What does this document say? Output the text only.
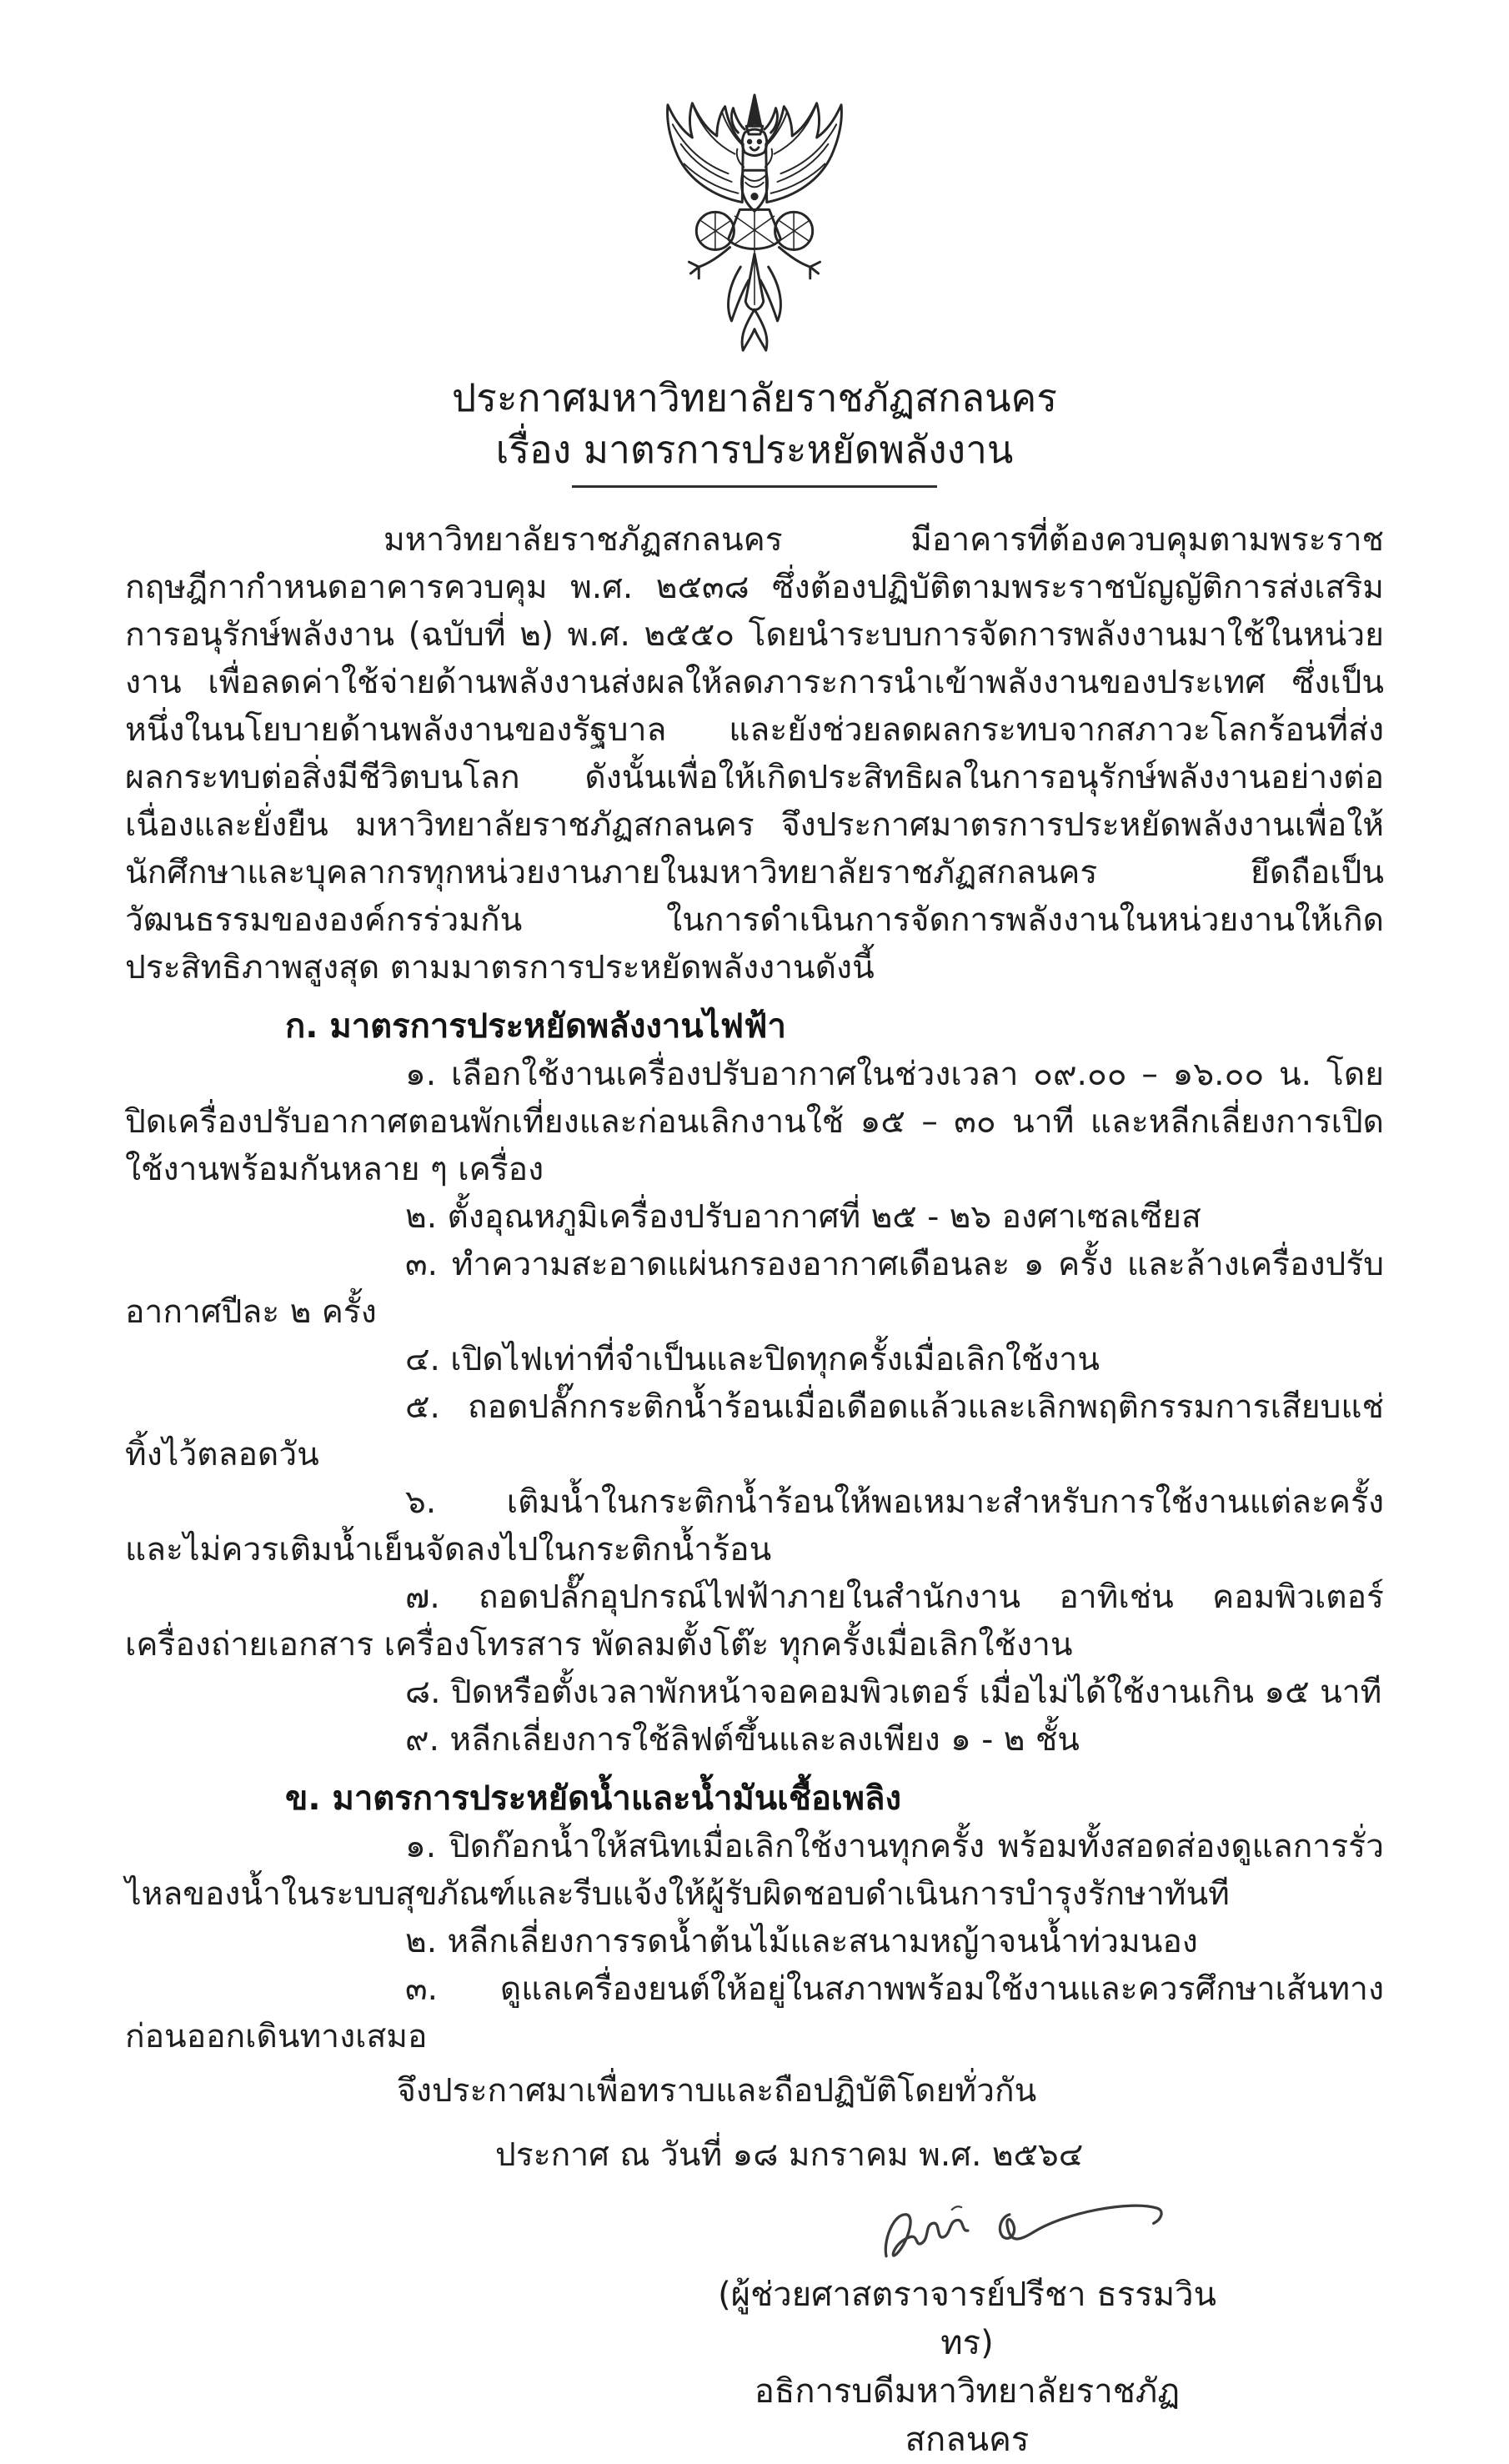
ประกาศมหาวิทยาลัยราชภัฏสกลนคร
เรื่อง มาตรการประหยัดพลังงาน

มหาวิทยาลัยราชภัฏสกลนคร มีอาคารที่ต้องควบคุมตามพระราชกฤษฎีกากำหนดอาคารควบคุม พ.ศ. ๒๕๓๘ ซึ่งต้องปฏิบัติตามพระราชบัญญัติการส่งเสริมการอนุรักษ์พลังงาน (ฉบับที่ ๒) พ.ศ. ๒๕๕๐ โดยนำระบบการจัดการพลังงานมาใช้ในหน่วยงาน เพื่อลดค่าใช้จ่ายด้านพลังงานส่งผลให้ลดภาระการนำเข้าพลังงานของประเทศ ซึ่งเป็นหนึ่งในนโยบายด้านพลังงานของรัฐบาล และยังช่วยลดผลกระทบจากสภาวะโลกร้อนที่ส่งผลกระทบต่อสิ่งมีชีวิตบนโลก ดังนั้นเพื่อให้เกิดประสิทธิผลในการอนุรักษ์พลังงานอย่างต่อเนื่องและยั่งยืน มหาวิทยาลัยราชภัฏสกลนคร จึงประกาศมาตรการประหยัดพลังงานเพื่อให้นักศึกษาและบุคลากรทุกหน่วยงานภายในมหาวิทยาลัยราชภัฏสกลนคร ยึดถือเป็นวัฒนธรรมขององค์กรร่วมกัน ในการดำเนินการจัดการพลังงานในหน่วยงานให้เกิดประสิทธิภาพสูงสุด ตามมาตรการประหยัดพลังงานดังนี้

ก. มาตรการประหยัดพลังงานไฟฟ้า

๑. เลือกใช้งานเครื่องปรับอากาศในช่วงเวลา ๐๙.๐๐ – ๑๖.๐๐ น. โดยปิดเครื่องปรับอากาศตอนพักเที่ยงและก่อนเลิกงานใช้ ๑๕ – ๓๐ นาที และหลีกเลี่ยงการเปิดใช้งานพร้อมกันหลาย ๆ เครื่อง

๒. ตั้งอุณหภูมิเครื่องปรับอากาศที่ ๒๕ - ๒๖ องศาเซลเซียส

๓. ทำความสะอาดแผ่นกรองอากาศเดือนละ ๑ ครั้ง และล้างเครื่องปรับอากาศปีละ ๒ ครั้ง

๔. เปิดไฟเท่าที่จำเป็นและปิดทุกครั้งเมื่อเลิกใช้งาน

๕. ถอดปลั๊กกระติกน้ำร้อนเมื่อเดือดแล้วและเลิกพฤติกรรมการเสียบแช่ทิ้งไว้ตลอดวัน

๖. เติมน้ำในกระติกน้ำร้อนให้พอเหมาะสำหรับการใช้งานแต่ละครั้ง และไม่ควรเติมน้ำเย็นจัดลงไปในกระติกน้ำร้อน

๗. ถอดปลั๊กอุปกรณ์ไฟฟ้าภายในสำนักงาน อาทิเช่น คอมพิวเตอร์ เครื่องถ่ายเอกสาร เครื่องโทรสาร พัดลมตั้งโต๊ะ ทุกครั้งเมื่อเลิกใช้งาน

๘. ปิดหรือตั้งเวลาพักหน้าจอคอมพิวเตอร์ เมื่อไม่ได้ใช้งานเกิน ๑๕ นาที

๙. หลีกเลี่ยงการใช้ลิฟต์ขึ้นและลงเพียง ๑ - ๒ ชั้น

ข. มาตรการประหยัดน้ำและน้ำมันเชื้อเพลิง

๑. ปิดก๊อกน้ำให้สนิทเมื่อเลิกใช้งานทุกครั้ง พร้อมทั้งสอดส่องดูแลการรั่วไหลของน้ำในระบบสุขภัณฑ์และรีบแจ้งให้ผู้รับผิดชอบดำเนินการบำรุงรักษาทันที

๒. หลีกเลี่ยงการรดน้ำต้นไม้และสนามหญ้าจนน้ำท่วมนอง

๓. ดูแลเครื่องยนต์ให้อยู่ในสภาพพร้อมใช้งานและควรศึกษาเส้นทางก่อนออกเดินทางเสมอ

จึงประกาศมาเพื่อทราบและถือปฏิบัติโดยทั่วกัน

ประกาศ ณ วันที่ ๑๘ มกราคม พ.ศ. ๒๕๖๔

(ผู้ช่วยศาสตราจารย์ปรีชา ธรรมวินทร)
อธิการบดีมหาวิทยาลัยราชภัฏสกลนคร
